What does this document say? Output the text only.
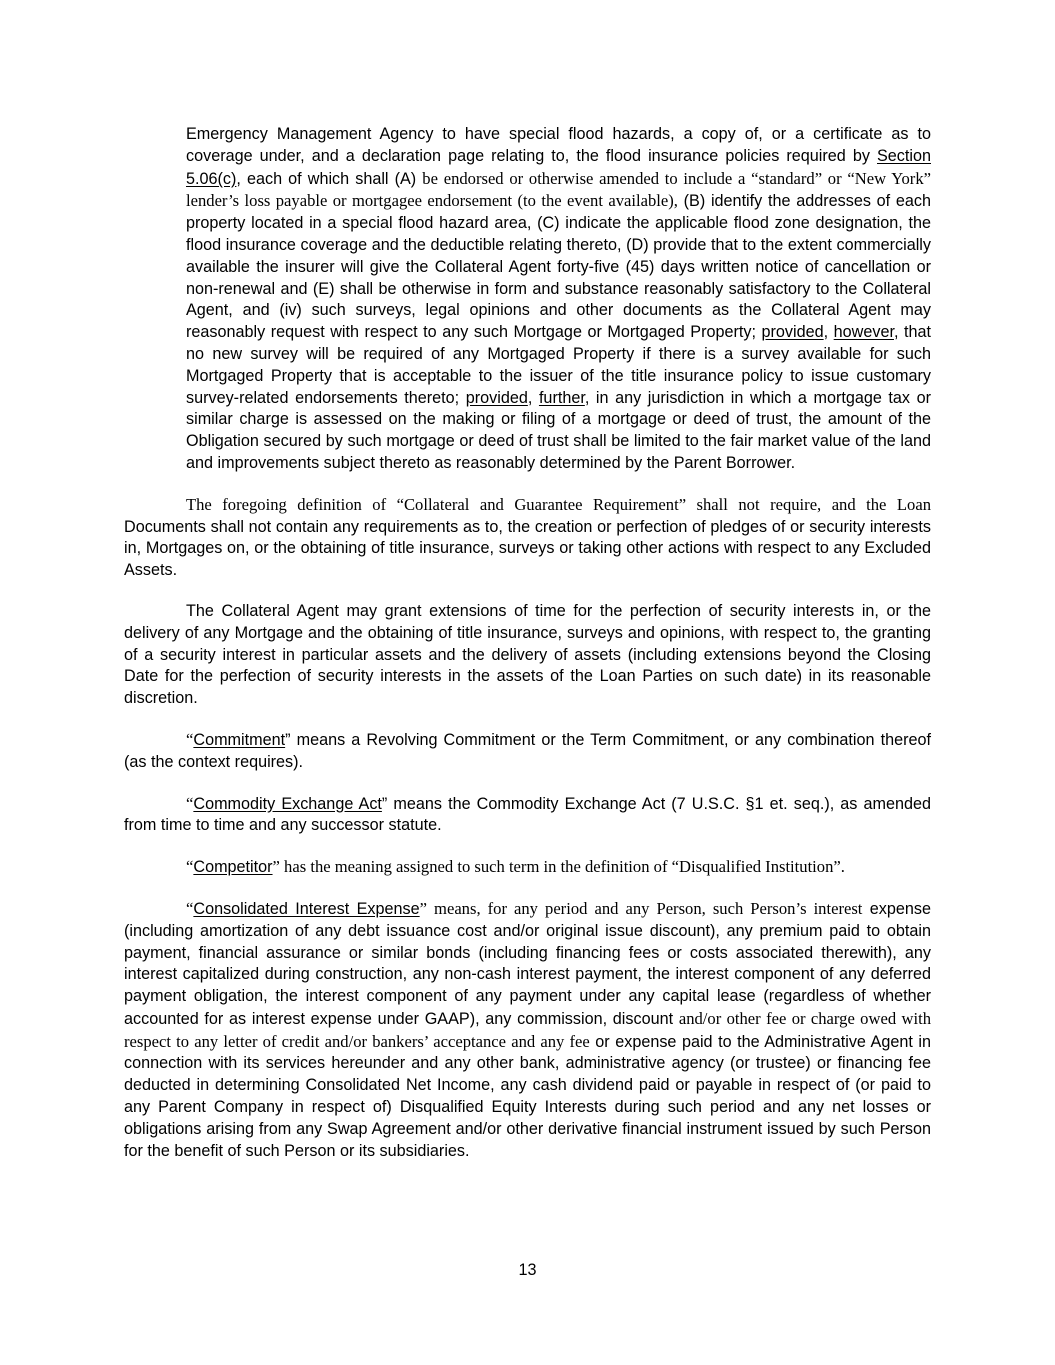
Emergency Management Agency to have special flood hazards, a copy of, or a certificate as to coverage under, and a declaration page relating to, the flood insurance policies required by Section 5.06(c), each of which shall (A) be endorsed or otherwise amended to include a “standard” or “New York” lender’s loss payable or mortgagee endorsement (to the event available), (B) identify the addresses of each property located in a special flood hazard area, (C) indicate the applicable flood zone designation, the flood insurance coverage and the deductible relating thereto, (D) provide that to the extent commercially available the insurer will give the Collateral Agent forty-five (45) days written notice of cancellation or non-renewal and (E) shall be otherwise in form and substance reasonably satisfactory to the Collateral Agent, and (iv) such surveys, legal opinions and other documents as the Collateral Agent may reasonably request with respect to any such Mortgage or Mortgaged Property; provided, however, that no new survey will be required of any Mortgaged Property if there is a survey available for such Mortgaged Property that is acceptable to the issuer of the title insurance policy to issue customary survey-related endorsements thereto; provided, further, in any jurisdiction in which a mortgage tax or similar charge is assessed on the making or filing of a mortgage or deed of trust, the amount of the Obligation secured by such mortgage or deed of trust shall be limited to the fair market value of the land and improvements subject thereto as reasonably determined by the Parent Borrower.

The foregoing definition of “Collateral and Guarantee Requirement” shall not require, and the Loan Documents shall not contain any requirements as to, the creation or perfection of pledges of or security interests in, Mortgages on, or the obtaining of title insurance, surveys or taking other actions with respect to any Excluded Assets.

The Collateral Agent may grant extensions of time for the perfection of security interests in, or the delivery of any Mortgage and the obtaining of title insurance, surveys and opinions, with respect to, the granting of a security interest in particular assets and the delivery of assets (including extensions beyond the Closing Date for the perfection of security interests in the assets of the Loan Parties on such date) in its reasonable discretion.

“Commitment” means a Revolving Commitment or the Term Commitment, or any combination thereof (as the context requires).

“Commodity Exchange Act” means the Commodity Exchange Act (7 U.S.C. §1 et. seq.), as amended from time to time and any successor statute.

“Competitor” has the meaning assigned to such term in the definition of “Disqualified Institution”.

“Consolidated Interest Expense” means, for any period and any Person, such Person’s interest expense (including amortization of any debt issuance cost and/or original issue discount), any premium paid to obtain payment, financial assurance or similar bonds (including financing fees or costs associated therewith), any interest capitalized during construction, any non-cash interest payment, the interest component of any deferred payment obligation, the interest component of any payment under any capital lease (regardless of whether accounted for as interest expense under GAAP), any commission, discount and/or other fee or charge owed with respect to any letter of credit and/or bankers’ acceptance and any fee or expense paid to the Administrative Agent in connection with its services hereunder and any other bank, administrative agency (or trustee) or financing fee deducted in determining Consolidated Net Income, any cash dividend paid or payable in respect of (or paid to any Parent Company in respect of) Disqualified Equity Interests during such period and any net losses or obligations arising from any Swap Agreement and/or other derivative financial instrument issued by such Person for the benefit of such Person or its subsidiaries.

13
